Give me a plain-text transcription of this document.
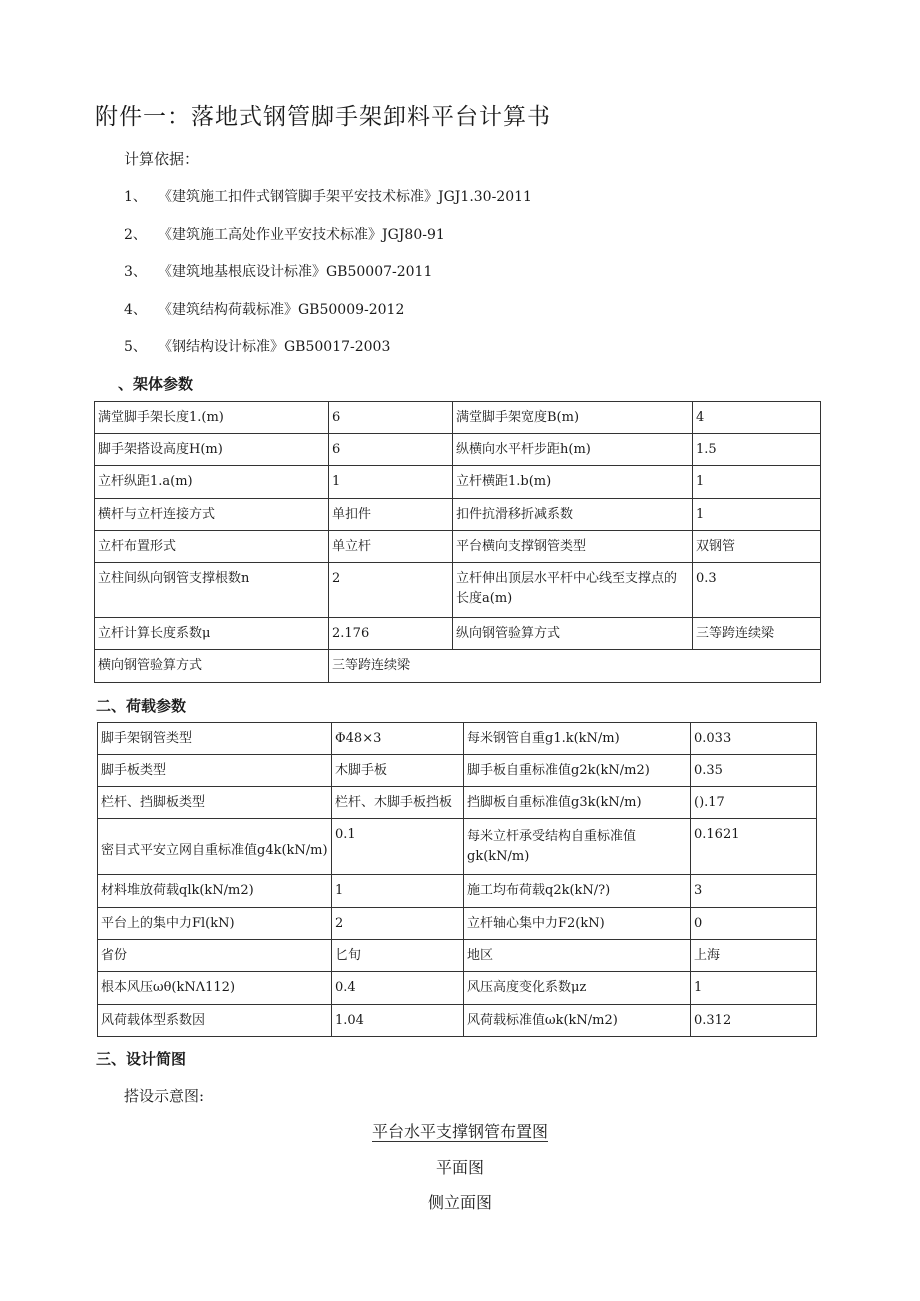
附件一：落地式钢管脚手架卸料平台计算书
计算依据：
1、 《建筑施工扣件式钢管脚手架平安技术标准》JGJ1.30-2011
2、 《建筑施工高处作业平安技术标准》JGJ80-91
3、 《建筑地基根底设计标准》GB50007-2011
4、 《建筑结构荷载标准》GB50009-2012
5、 《钢结构设计标准》GB50017-2003
、架体参数
满堂脚手架长度1.(m)	6	满堂脚手架宽度B(m)	4
脚手架搭设高度H(m)	6	纵横向水平杆步距h(m)	1.5
立杆纵距1.a(m)	1	立杆横距1.b(m)	1
横杆与立杆连接方式	单扣件	扣件抗滑移折减系数	1
立杆布置形式	单立杆	平台横向支撑钢管类型	双钢管
立柱间纵向钢管支撑根数n	2	立杆伸出顶层水平杆中心线至支撑点的长度a(m)	0.3
立杆计算长度系数μ	2.176	纵向钢管验算方式	三等跨连续梁
横向钢管验算方式	三等跨连续梁		
二、荷载参数
脚手架钢管类型	Φ48×3	每米钢管自重g1.k(kN/m)	0.033
脚手板类型	木脚手板	脚手板自重标准值g2k(kN/m2)	0.35
栏杆、挡脚板类型	栏杆、木脚手板挡板	挡脚板自重标准值g3k(kN/m)	().17
密目式平安立网自重标准值g4k(kN/m)	0.1	每米立杆承受结构自重标准值gk(kN/m)	0.1621
材料堆放荷载qlk(kN/m2)	1	施工均布荷载q2k(kN/?)	3
平台上的集中力Fl(kN)	2	立杆轴心集中力F2(kN)	0
省份	匕旬	地区	上海
根本风压ωθ(kNΛ112)	0.4	风压高度变化系数μz	1
风荷载体型系数因	1.04	风荷载标准值ωk(kN/m2)	0.312
三、设计简图
搭设示意图:
平台水平支撑钢管布置图
平面图
侧立面图
